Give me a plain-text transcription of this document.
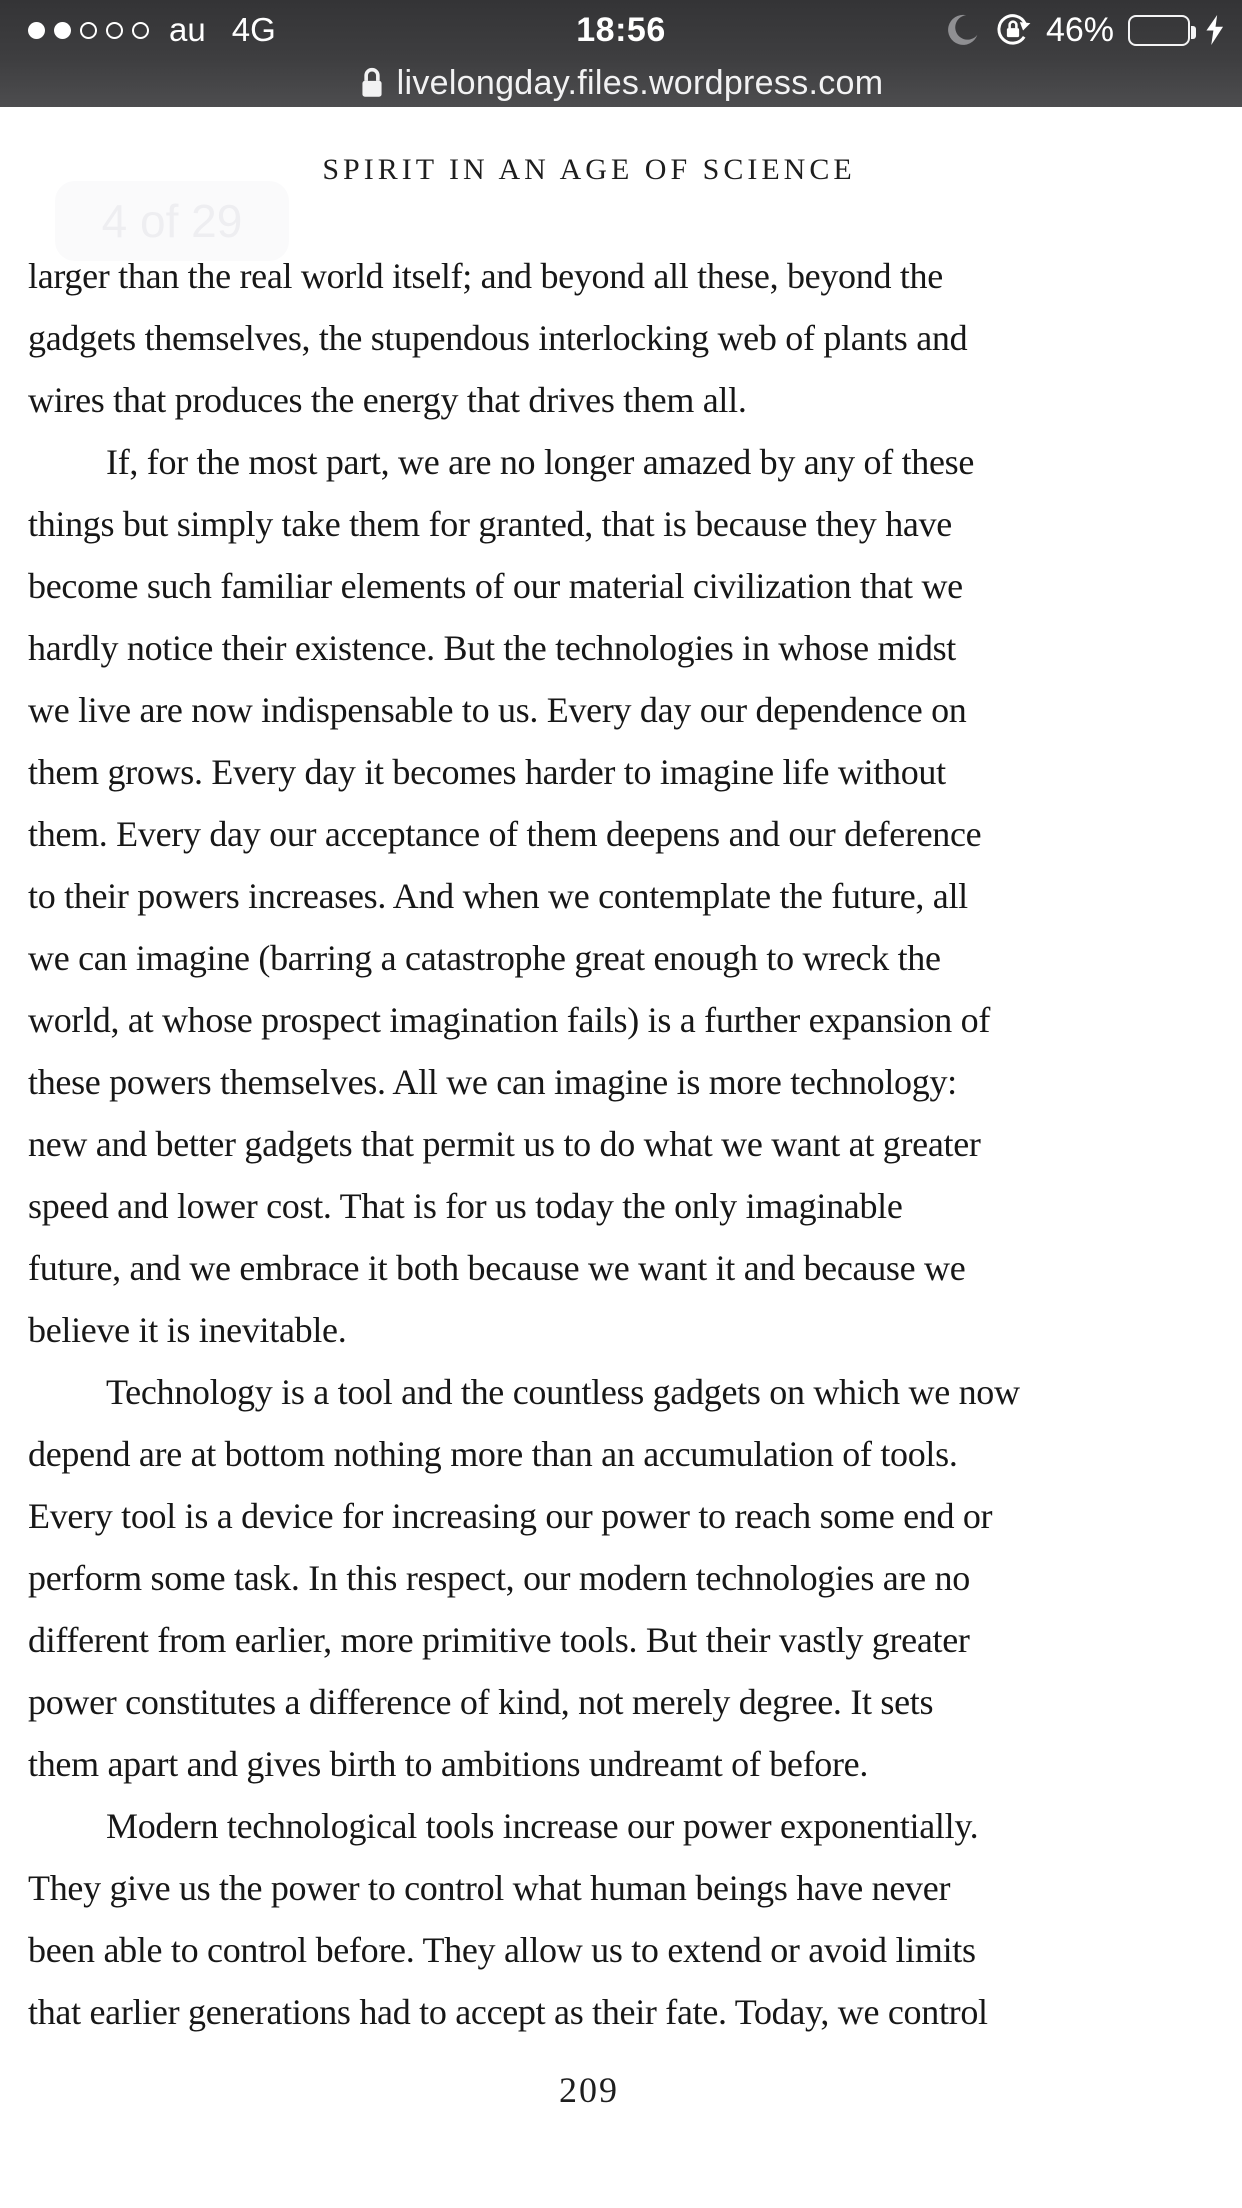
au 4G	18:56	46%
livelongday.files.wordpress.com
SPIRIT IN AN AGE OF SCIENCE
4 of 29
larger than the real world itself; and beyond all these, beyond the
gadgets themselves, the stupendous interlocking web of plants and
wires that produces the energy that drives them all.
If, for the most part, we are no longer amazed by any of these
things but simply take them for granted, that is because they have
become such familiar elements of our material civilization that we
hardly notice their existence. But the technologies in whose midst
we live are now indispensable to us. Every day our dependence on
them grows. Every day it becomes harder to imagine life without
them. Every day our acceptance of them deepens and our deference
to their powers increases. And when we contemplate the future, all
we can imagine (barring a catastrophe great enough to wreck the
world, at whose prospect imagination fails) is a further expansion of
these powers themselves. All we can imagine is more technology:
new and better gadgets that permit us to do what we want at greater
speed and lower cost. That is for us today the only imaginable
future, and we embrace it both because we want it and because we
believe it is inevitable.
Technology is a tool and the countless gadgets on which we now
depend are at bottom nothing more than an accumulation of tools.
Every tool is a device for increasing our power to reach some end or
perform some task. In this respect, our modern technologies are no
different from earlier, more primitive tools. But their vastly greater
power constitutes a difference of kind, not merely degree. It sets
them apart and gives birth to ambitions undreamt of before.
Modern technological tools increase our power exponentially.
They give us the power to control what human beings have never
been able to control before. They allow us to extend or avoid limits
that earlier generations had to accept as their fate. Today, we control
209
